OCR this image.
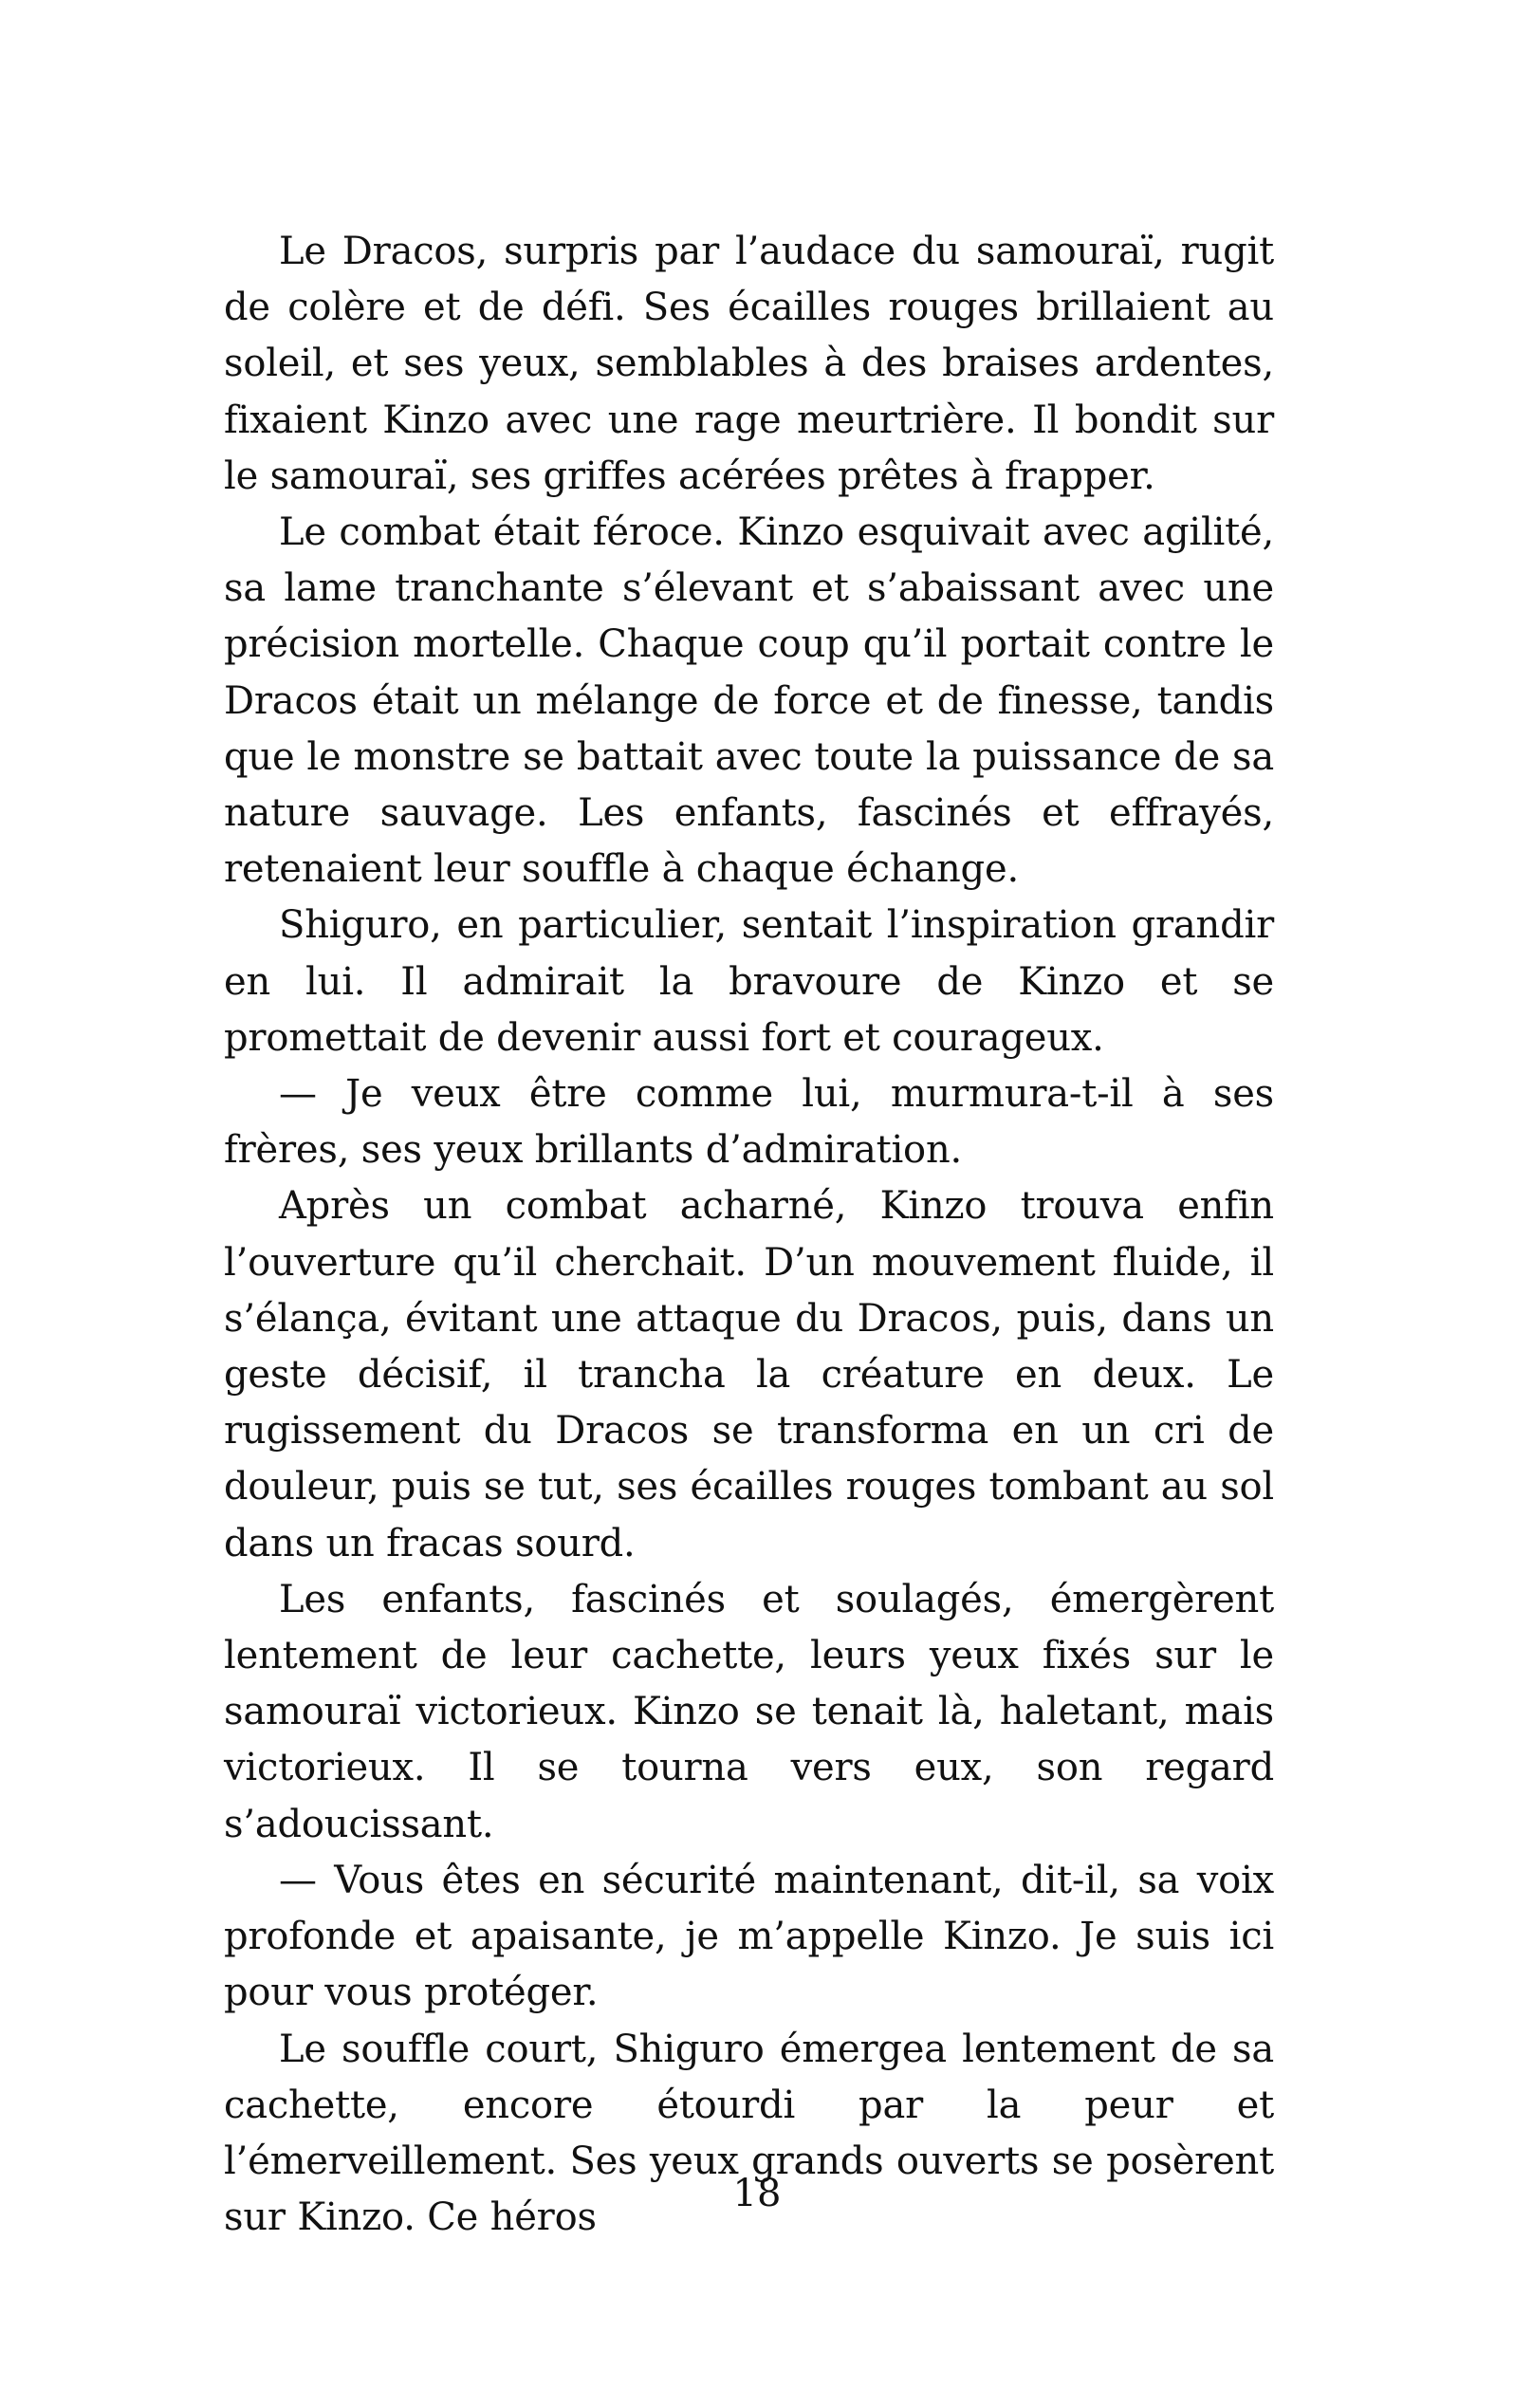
Le Dracos, surpris par l’audace du samouraï, rugit de colère et de défi. Ses écailles rouges brillaient au soleil, et ses yeux, semblables à des braises ardentes, fixaient Kinzo avec une rage meurtrière. Il bondit sur le samouraï, ses griffes acérées prêtes à frapper.

Le combat était féroce. Kinzo esquivait avec agilité, sa lame tranchante s’élevant et s’abaissant avec une précision mortelle. Chaque coup qu’il portait contre le Dracos était un mélange de force et de finesse, tandis que le monstre se battait avec toute la puissance de sa nature sauvage. Les enfants, fascinés et effrayés, retenaient leur souffle à chaque échange.

Shiguro, en particulier, sentait l’inspiration grandir en lui. Il admirait la bravoure de Kinzo et se promettait de devenir aussi fort et courageux.

— Je veux être comme lui, murmura-t-il à ses frères, ses yeux brillants d’admiration.

Après un combat acharné, Kinzo trouva enfin l’ouverture qu’il cherchait. D’un mouvement fluide, il s’élança, évitant une attaque du Dracos, puis, dans un geste décisif, il trancha la créature en deux. Le rugissement du Dracos se transforma en un cri de douleur, puis se tut, ses écailles rouges tombant au sol dans un fracas sourd.

Les enfants, fascinés et soulagés, émergèrent lentement de leur cachette, leurs yeux fixés sur le samouraï victorieux. Kinzo se tenait là, haletant, mais victorieux. Il se tourna vers eux, son regard s’adoucissant.

— Vous êtes en sécurité maintenant, dit-il, sa voix profonde et apaisante, je m’appelle Kinzo. Je suis ici pour vous protéger.

Le souffle court, Shiguro émergea lentement de sa cachette, encore étourdi par la peur et l’émerveillement. Ses yeux grands ouverts se posèrent sur Kinzo. Ce héros

18
